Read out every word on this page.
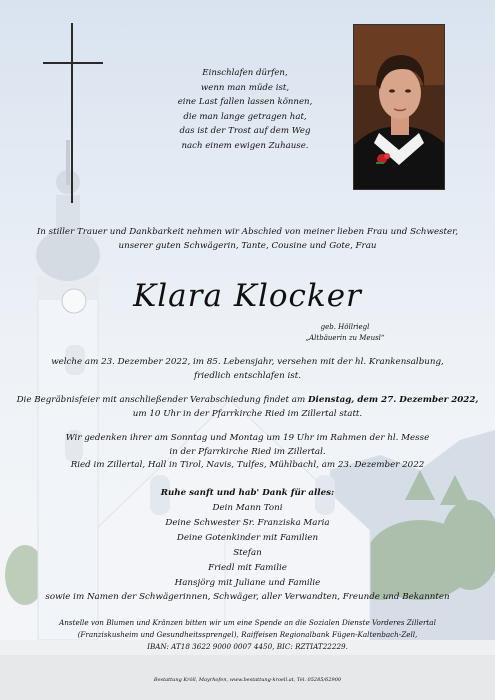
Einschlafen dürfen,
wenn man müde ist,
eine Last fallen lassen können,
die man lange getragen hat,
das ist der Trost auf dem Weg
nach einem ewigen Zuhause.
In stiller Trauer und Dankbarkeit nehmen wir Abschied von meiner lieben Frau und Schwester,
unserer guten Schwägerin, Tante, Cousine und Gote, Frau
Klara Klocker
geb. Höllriegl
„Altbäuerin zu Meusl“
welche am 23. Dezember 2022, im 85. Lebensjahr, versehen mit der hl. Krankensalbung,
friedlich entschlafen ist.
Die Begräbnisfeier mit anschließender Verabschiedung findet am Dienstag, dem 27. Dezember 2022,
um 10 Uhr in der Pfarrkirche Ried im Zillertal statt.
Wir gedenken ihrer am Sonntag und Montag um 19 Uhr im Rahmen der hl. Messe
in der Pfarrkirche Ried im Zillertal.
Ried im Zillertal, Hall in Tirol, Navis, Tulfes, Mühlbachl, am 23. Dezember 2022
Ruhe sanft und hab' Dank für alles:
Dein Mann Toni
Deine Schwester Sr. Franziska Maria
Deine Gotenkinder mit Familien
Stefan
Friedl mit Familie
Hansjörg mit Juliane und Familie
sowie im Namen der Schwägerinnen, Schwäger, aller Verwandten, Freunde und Bekannten
Anstelle von Blumen und Kränzen bitten wir um eine Spende an die Sozialen Dienste Vorderes Zillertal
(Franziskusheim und Gesundheitssprengel), Raiffeisen Regionalbank Fügen-Kaltenbach-Zell,
IBAN: AT18 3622 9000 0007 4450, BIC: RZTIAT22229.
Bestattung Kröll, Mayrhofen, www.bestattung-kroell.at, Tel. 05285/62900
